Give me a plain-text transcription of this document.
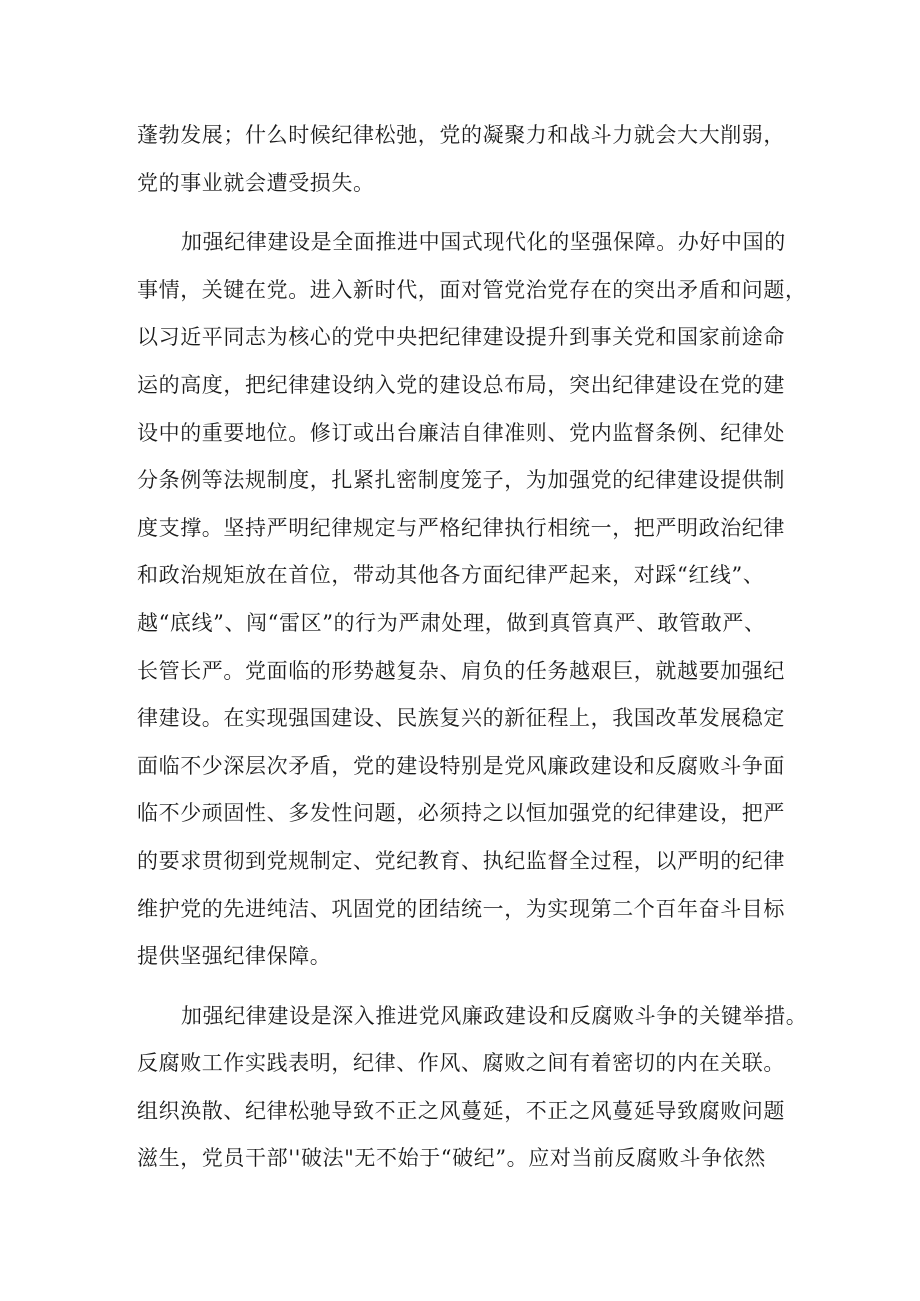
蓬勃发展；什么时候纪律松弛，党的凝聚力和战斗力就会大大削弱，
党的事业就会遭受损失。
加强纪律建设是全面推进中国式现代化的坚强保障。办好中国的
事情，关键在党。进入新时代，面对管党治党存在的突出矛盾和问题，
以习近平同志为核心的党中央把纪律建设提升到事关党和国家前途命
运的高度，把纪律建设纳入党的建设总布局，突出纪律建设在党的建
设中的重要地位。修订或出台廉洁自律准则、党内监督条例、纪律处
分条例等法规制度，扎紧扎密制度笼子，为加强党的纪律建设提供制
度支撑。坚持严明纪律规定与严格纪律执行相统一，把严明政治纪律
和政治规矩放在首位，带动其他各方面纪律严起来，对踩“红线”、
越“底线”、闯“雷区”的行为严肃处理，做到真管真严、敢管敢严、
长管长严。党面临的形势越复杂、肩负的任务越艰巨，就越要加强纪
律建设。在实现强国建设、民族复兴的新征程上，我国改革发展稳定
面临不少深层次矛盾，党的建设特别是党风廉政建设和反腐败斗争面
临不少顽固性、多发性问题，必须持之以恒加强党的纪律建设，把严
的要求贯彻到党规制定、党纪教育、执纪监督全过程，以严明的纪律
维护党的先进纯洁、巩固党的团结统一，为实现第二个百年奋斗目标
提供坚强纪律保障。
加强纪律建设是深入推进党风廉政建设和反腐败斗争的关键举措。
反腐败工作实践表明，纪律、作风、腐败之间有着密切的内在关联。
组织涣散、纪律松驰导致不正之风蔓延，不正之风蔓延导致腐败问题
滋生，党员干部''破法"无不始于“破纪”。应对当前反腐败斗争依然
